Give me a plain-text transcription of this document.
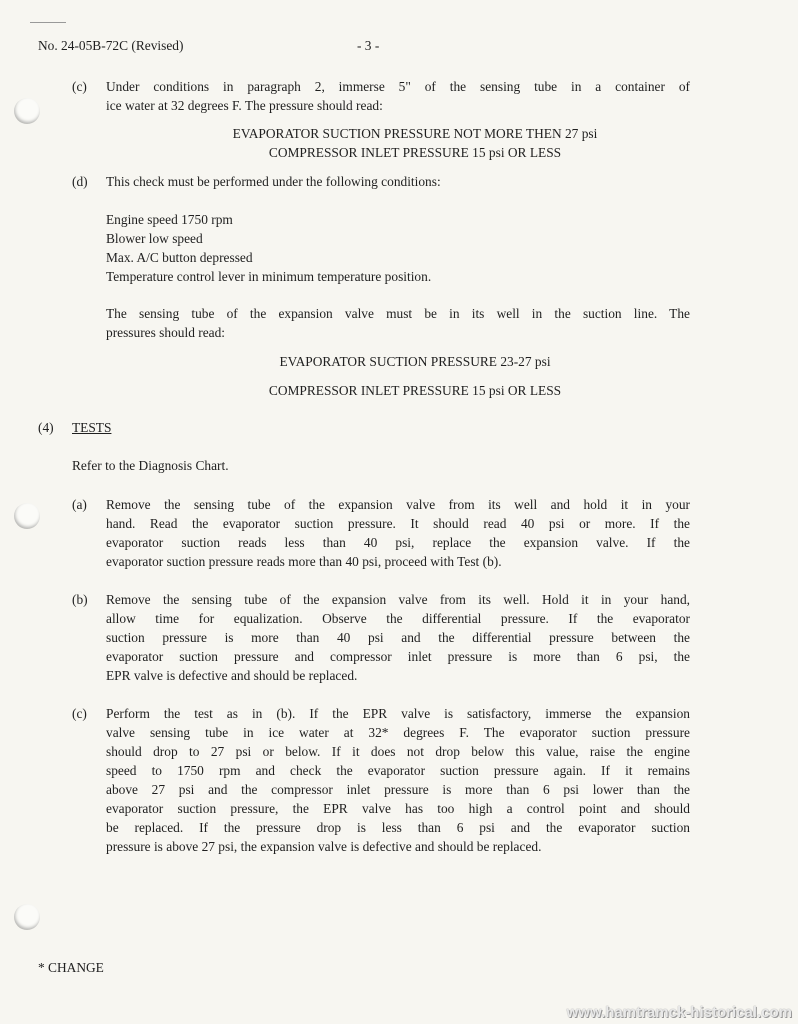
No. 24-05B-72C (Revised)	- 3 -
(c) Under conditions in paragraph 2, immerse 5" of the sensing tube in a container of
ice water at 32 degrees F. The pressure should read:
EVAPORATOR SUCTION PRESSURE NOT MORE THEN 27 psi
COMPRESSOR INLET PRESSURE 15 psi OR LESS
(d) This check must be performed under the following conditions:
Engine speed 1750 rpm
Blower low speed
Max. A/C button depressed
Temperature control lever in minimum temperature position.
The sensing tube of the expansion valve must be in its well in the suction line. The
pressures should read:
EVAPORATOR SUCTION PRESSURE 23-27 psi
COMPRESSOR INLET PRESSURE 15 psi OR LESS
(4) TESTS
Refer to the Diagnosis Chart.
(a) Remove the sensing tube of the expansion valve from its well and hold it in your
hand. Read the evaporator suction pressure. It should read 40 psi or more. If the
evaporator suction reads less than 40 psi, replace the expansion valve. If the
evaporator suction pressure reads more than 40 psi, proceed with Test (b).
(b) Remove the sensing tube of the expansion valve from its well. Hold it in your hand,
allow time for equalization. Observe the differential pressure. If the evaporator
suction pressure is more than 40 psi and the differential pressure between the
evaporator suction pressure and compressor inlet pressure is more than 6 psi, the
EPR valve is defective and should be replaced.
(c) Perform the test as in (b). If the EPR valve is satisfactory, immerse the expansion
valve sensing tube in ice water at 32* degrees F. The evaporator suction pressure
should drop to 27 psi or below. If it does not drop below this value, raise the engine
speed to 1750 rpm and check the evaporator suction pressure again. If it remains
above 27 psi and the compressor inlet pressure is more than 6 psi lower than the
evaporator suction pressure, the EPR valve has too high a control point and should
be replaced. If the pressure drop is less than 6 psi and the evaporator suction
pressure is above 27 psi, the expansion valve is defective and should be replaced.
* CHANGE
www.hamtramck-historical.com
